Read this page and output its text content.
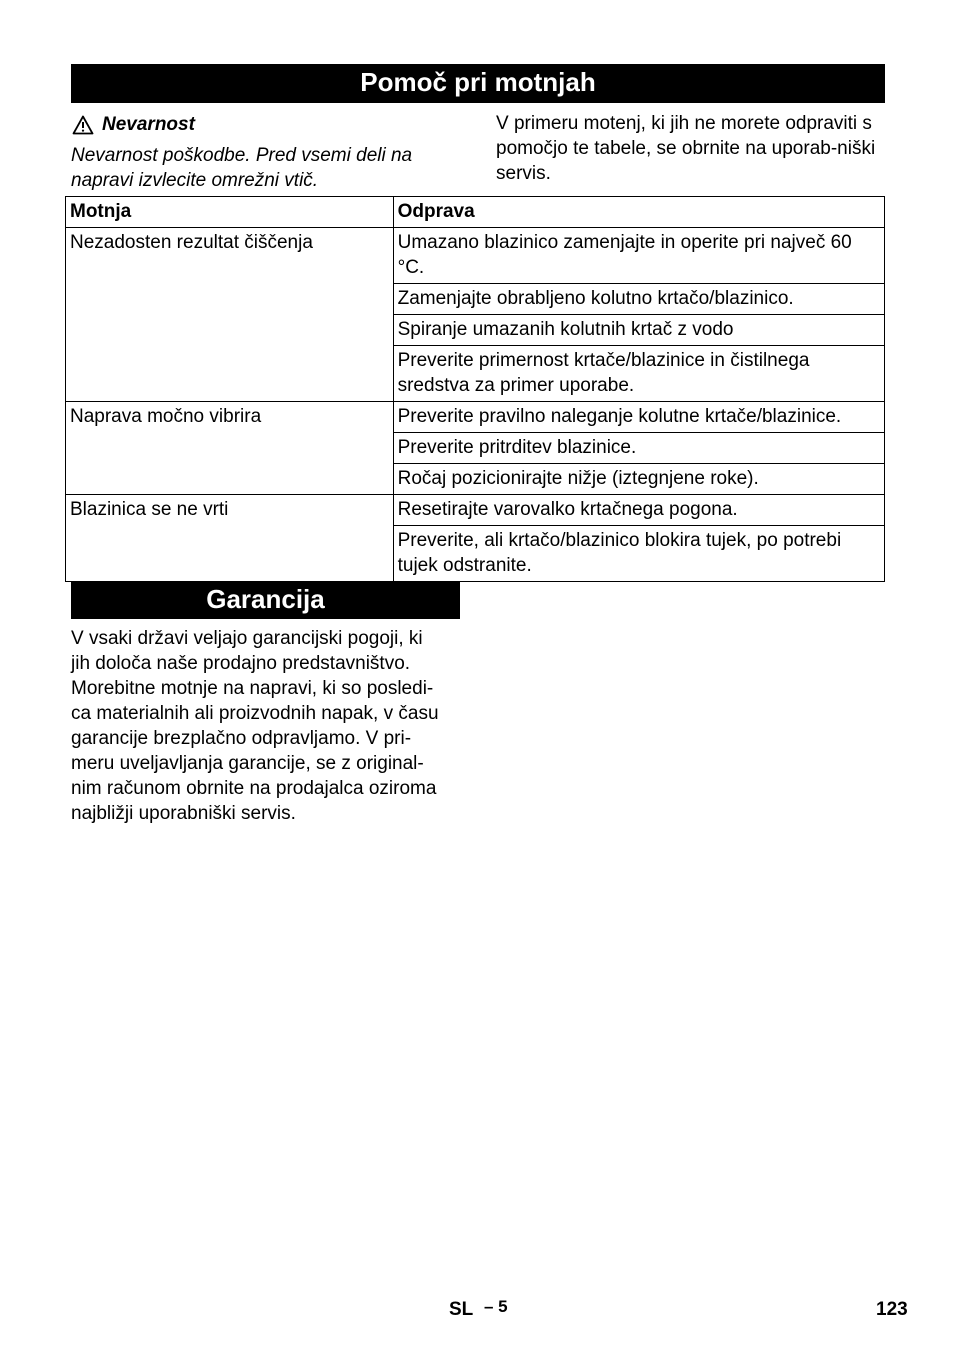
Pomoč pri motnjah
Nevarnost

Nevarnost poškodbe. Pred vsemi deli na napravi izvlecite omrežni vtič.

V primeru motenj, ki jih ne morete odpraviti s pomočjo te tabele, se obrnite na uporab-niški servis.

Motnja	Odprava
Nezadosten rezultat čiščenja	Umazano blazinico zamenjajte in operite pri največ 60 °C.
	Zamenjajte obrabljeno kolutno krtačo/blazinico.
	Spiranje umazanih kolutnih krtač z vodo
	Preverite primernost krtače/blazinice in čistilnega sredstva za primer uporabe.
Naprava močno vibrira	Preverite pravilno naleganje kolutne krtače/blazinice.
	Preverite pritrditev blazinice.
	Ročaj pozicionirajte nižje (iztegnjene roke).
Blazinica se ne vrti	Resetirajte varovalko krtačnega pogona.
	Preverite, ali krtačo/blazinico blokira tujek, po potrebi tujek odstranite.
Garancija

V vsaki državi veljajo garancijski pogoji, ki
jih določa naše prodajno predstavništvo.
Morebitne motnje na napravi, ki so posledi-
ca materialnih ali proizvodnih napak, v času
garancije brezplačno odpravljamo. V pri-
meru uveljavljanja garancije, se z original-
nim računom obrnite na prodajalca oziroma
najbližji uporabniški servis.

SL – 5	123
